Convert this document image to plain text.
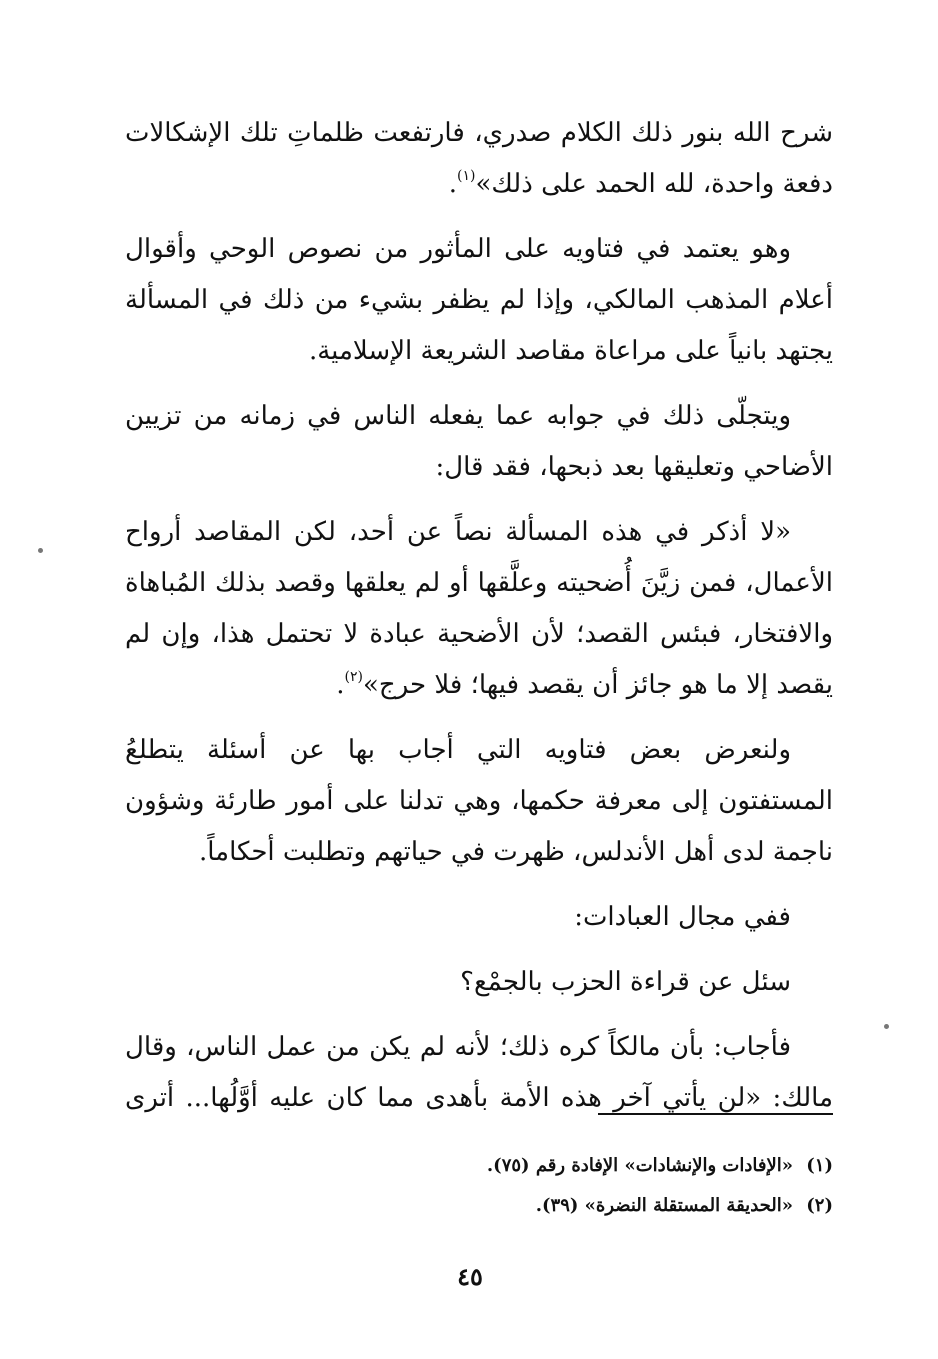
شرح الله بنور ذلك الكلام صدري، فارتفعت ظلماتِ تلك الإشكالات دفعة واحدة، لله الحمد على ذلك»$^{(١)}$.

وهو يعتمد في فتاويه على المأثور من نصوص الوحي وأقوال أعلام المذهب المالكي، وإذا لم يظفر بشيء من ذلك في المسألة يجتهد بانياً على مراعاة مقاصد الشريعة الإسلامية.

ويتجلّى ذلك في جوابه عما يفعله الناس في زمانه من تزيين الأضاحي وتعليقها بعد ذبحها، فقد قال:

«لا أذكر في هذه المسألة نصاً عن أحد، لكن المقاصد أرواح الأعمال، فمن زيَّنَ أُضحيته وعلَّقها أو لم يعلقها وقصد بذلك المُباهاة والافتخار، فبئس القصد؛ لأن الأضحية عبادة لا تحتمل هذا، وإن لم يقصد إلا ما هو جائز أن يقصد فيها؛ فلا حرج»$^{(٢)}$.

ولنعرض بعض فتاويه التي أجاب بها عن أسئلة يتطلعُ المستفتون إلى معرفة حكمها، وهي تدلنا على أمور طارئة وشؤون ناجمة لدى أهل الأندلس، ظهرت في حياتهم وتطلبت أحكاماً.

ففي مجال العبادات:

سئل عن قراءة الحزب بالجمْع؟

فأجاب: بأن مالكاً كره ذلك؛ لأنه لم يكن من عمل الناس، وقال مالك: «لن يأتي آخر هذه الأمة بأهدى مما كان عليه أوَّلُها... أترى

(١)«الإفادات والإنشادات» الإفادة رقم (٧٥).
(٢)«الحديقة المستقلة النضرة» (٣٩).
٤٥
